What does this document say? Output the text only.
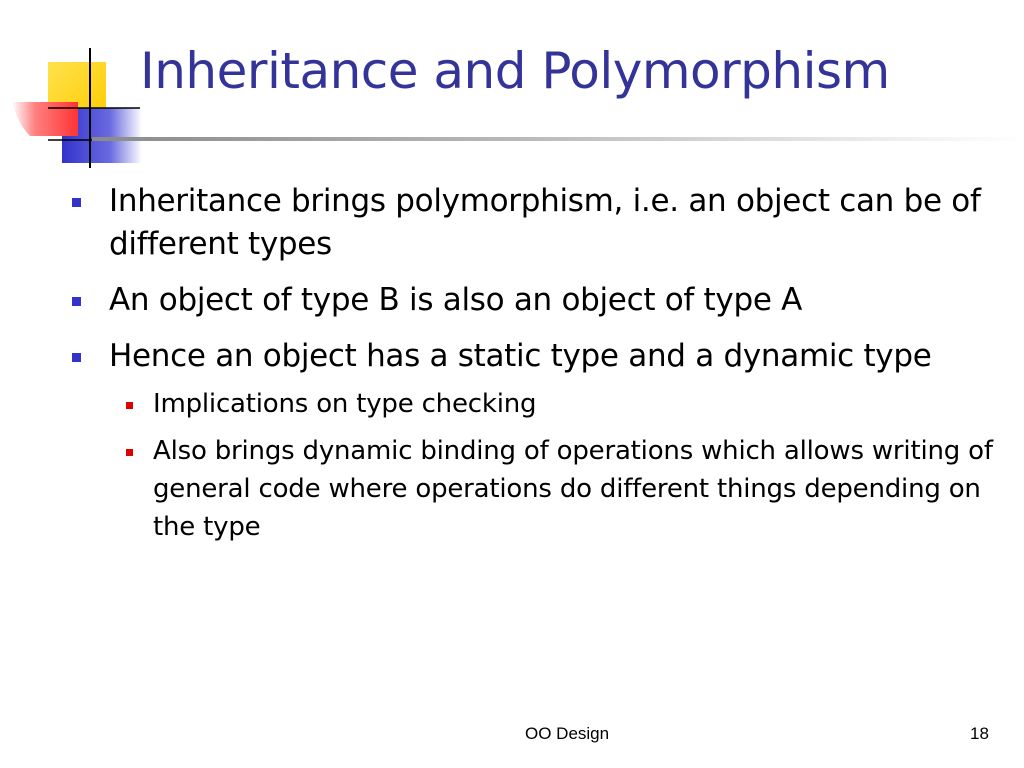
Inheritance and Polymorphism
Inheritance brings polymorphism, i.e. an object can be of different types
An object of type B is also an object of type A
Hence an object has a static type and a dynamic type
Implications on type checking
Also brings dynamic binding of operations which allows writing of general code where operations do different things depending on the type
OO Design	18
